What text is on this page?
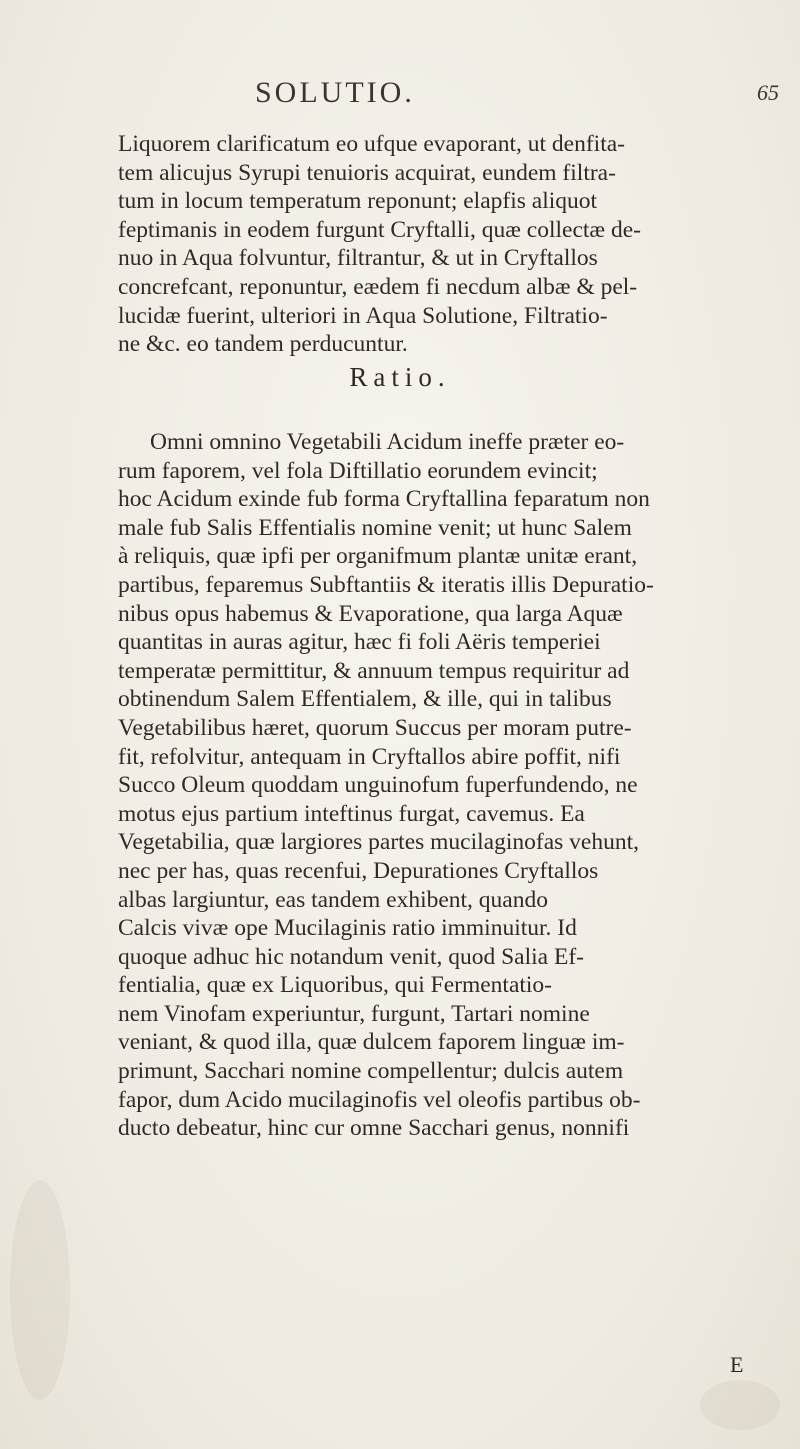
SOLUTIO.	65
Liquorem clarificatum eo ufque evaporant, ut denfita-
tem alicujus Syrupi tenuioris acquirat, eundem filtra-
tum in locum temperatum reponunt; elapfis aliquot
feptimanis in eodem furgunt Cryftalli, quæ collectæ de-
nuo in Aqua folvuntur, filtrantur, & ut in Cryftallos
concrefcant, reponuntur, eædem fi necdum albæ & pel-
lucidæ fuerint, ulteriori in Aqua Solutione, Filtratio-
ne &c. eo tandem perducuntur.
Ratio.
Omni omnino Vegetabili Acidum ineffe præter eo-
rum faporem, vel fola Diftillatio eorundem evincit;
hoc Acidum exinde fub forma Cryftallina feparatum non
male fub Salis Effentialis nomine venit; ut hunc Salem
à reliquis, quæ ipfi per organifmum plantæ unitæ erant,
partibus, feparemus Subftantiis & iteratis illis Depuratio-
nibus opus habemus & Evaporatione, qua larga Aquæ
quantitas in auras agitur, hæc fi foli Aëris temperiei
temperatæ permittitur, & annuum tempus requiritur ad
obtinendum Salem Effentialem, & ille, qui in talibus
Vegetabilibus hæret, quorum Succus per moram putre-
fit, refolvitur, antequam in Cryftallos abire poffit, nifi
Succo Oleum quoddam unguinofum fuperfundendo, ne
motus ejus partium inteftinus furgat, cavemus. Ea
Vegetabilia, quæ largiores partes mucilaginofas vehunt,
nec per has, quas recenfui, Depurationes Cryftallos
albas largiuntur, eas tandem exhibent, quando
Calcis vivæ ope Mucilaginis ratio imminuitur. Id
quoque adhuc hic notandum venit, quod Salia Ef-
fentialia, quæ ex Liquoribus, qui Fermentatio-
nem Vinofam experiuntur, furgunt, Tartari nomine
veniant, & quod illa, quæ dulcem faporem linguæ im-
primunt, Sacchari nomine compellentur; dulcis autem
fapor, dum Acido mucilaginofis vel oleofis partibus ob-
ducto debeatur, hinc cur omne Sacchari genus, nonnifi
E
